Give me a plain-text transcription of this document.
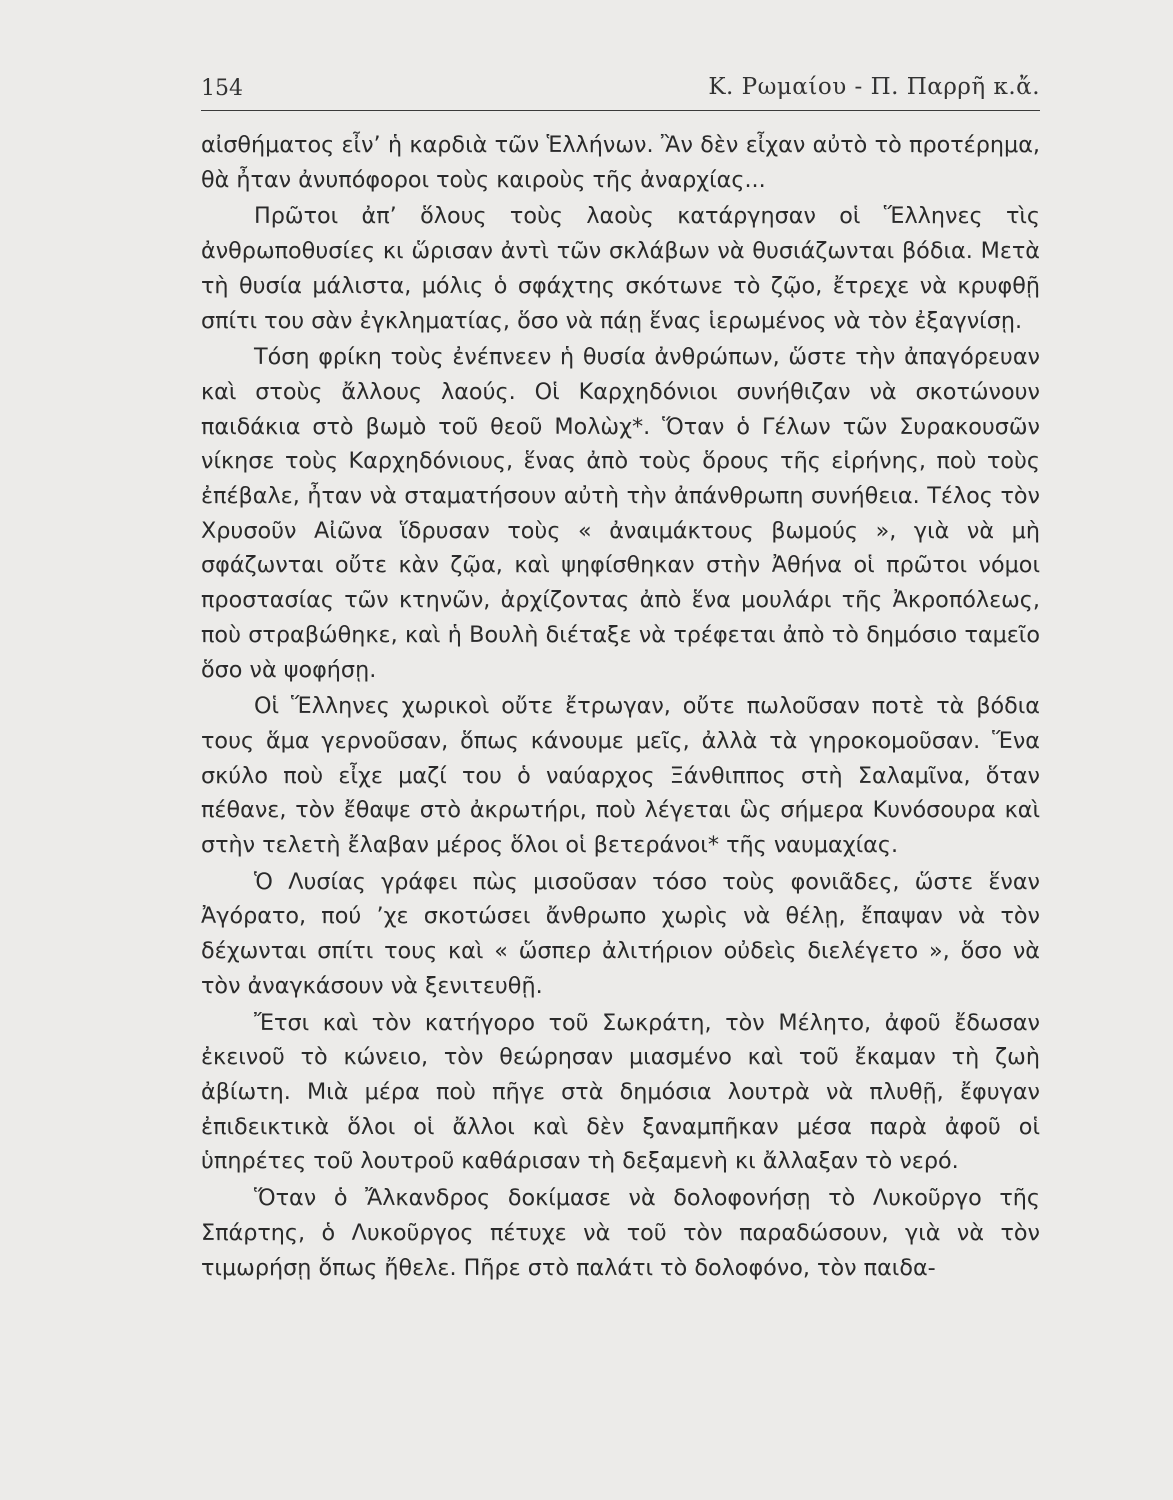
154	Κ. Ρωμαίου - Π. Παρρῆ κ.ἄ.

αἰσθήματος εἶν’ ἡ καρδιὰ τῶν Ἑλλήνων. Ἂν δὲν εἶχαν αὐτὸ τὸ προτέρημα, θὰ ἦταν ἀνυπόφοροι τοὺς καιροὺς τῆς ἀναρχίας...

Πρῶτοι ἀπ’ ὅλους τοὺς λαοὺς κατάργησαν οἱ Ἕλληνες τὶς ἀνθρωποθυσίες κι ὥρισαν ἀντὶ τῶν σκλάβων νὰ θυσιάζωνται βόδια. Μετὰ τὴ θυσία μάλιστα, μόλις ὁ σφάχτης σκότωνε τὸ ζῷο, ἔτρεχε νὰ κρυφθῇ σπίτι του σὰν ἐγκληματίας, ὅσο νὰ πάῃ ἕνας ἱερωμένος νὰ τὸν ἐξαγνίσῃ.

Τόση φρίκη τοὺς ἐνέπνεεν ἡ θυσία ἀνθρώπων, ὥστε τὴν ἀπαγόρευαν καὶ στοὺς ἄλλους λαούς. Οἱ Καρχηδόνιοι συνήθιζαν νὰ σκοτώνουν παιδάκια στὸ βωμὸ τοῦ θεοῦ Μολὼχ*. Ὅταν ὁ Γέλων τῶν Συρακουσῶν νίκησε τοὺς Καρχηδόνιους, ἕνας ἀπὸ τοὺς ὅρους τῆς εἰρήνης, ποὺ τοὺς ἐπέβαλε, ἦταν νὰ σταματήσουν αὐτὴ τὴν ἀπάνθρωπη συνήθεια. Τέλος τὸν Χρυσοῦν Αἰῶνα ἵδρυσαν τοὺς « ἀναιμάκτους βωμούς », γιὰ νὰ μὴ σφάζωνται οὔτε κὰν ζῷα, καὶ ψηφίσθηκαν στὴν Ἀθήνα οἱ πρῶτοι νόμοι προστασίας τῶν κτηνῶν, ἀρχίζοντας ἀπὸ ἕνα μουλάρι τῆς Ἀκροπόλεως, ποὺ στραβώθηκε, καὶ ἡ Βουλὴ διέταξε νὰ τρέφεται ἀπὸ τὸ δημόσιο ταμεῖο ὅσο νὰ ψοφήσῃ.

Οἱ Ἕλληνες χωρικοὶ οὔτε ἔτρωγαν, οὔτε πωλοῦσαν ποτὲ τὰ βόδια τους ἅμα γερνοῦσαν, ὅπως κάνουμε μεῖς, ἀλλὰ τὰ γηροκομοῦσαν. Ἕνα σκύλο ποὺ εἶχε μαζί του ὁ ναύαρχος Ξάνθιππος στὴ Σαλαμῖνα, ὅταν πέθανε, τὸν ἔθαψε στὸ ἀκρωτήρι, ποὺ λέγεται ὣς σήμερα Κυνόσουρα καὶ στὴν τελετὴ ἔλαβαν μέρος ὅλοι οἱ βετεράνοι* τῆς ναυμαχίας.

Ὁ Λυσίας γράφει πὼς μισοῦσαν τόσο τοὺς φονιᾶδες, ὥστε ἕναν Ἀγόρατο, πού ’χε σκοτώσει ἄνθρωπο χωρὶς νὰ θέλῃ, ἔπαψαν νὰ τὸν δέχωνται σπίτι τους καὶ « ὥσπερ ἀλιτήριον οὐδεὶς διελέγετο », ὅσο νὰ τὸν ἀναγκάσουν νὰ ξενιτευθῇ.

Ἔτσι καὶ τὸν κατήγορο τοῦ Σωκράτη, τὸν Μέλητο, ἀφοῦ ἔδωσαν ἐκεινοῦ τὸ κώνειο, τὸν θεώρησαν μιασμένο καὶ τοῦ ἔκαμαν τὴ ζωὴ ἀβίωτη. Μιὰ μέρα ποὺ πῆγε στὰ δημόσια λουτρὰ νὰ πλυθῇ, ἔφυγαν ἐπιδεικτικὰ ὅλοι οἱ ἄλλοι καὶ δὲν ξαναμπῆκαν μέσα παρὰ ἀφοῦ οἱ ὑπηρέτες τοῦ λουτροῦ καθάρισαν τὴ δεξαμενὴ κι ἄλλαξαν τὸ νερό.

Ὅταν ὁ Ἄλκανδρος δοκίμασε νὰ δολοφονήσῃ τὸ Λυκοῦργο τῆς Σπάρτης, ὁ Λυκοῦργος πέτυχε νὰ τοῦ τὸν παραδώσουν, γιὰ νὰ τὸν τιμωρήσῃ ὅπως ἤθελε. Πῆρε στὸ παλάτι τὸ δολοφόνο, τὸν παιδα-
